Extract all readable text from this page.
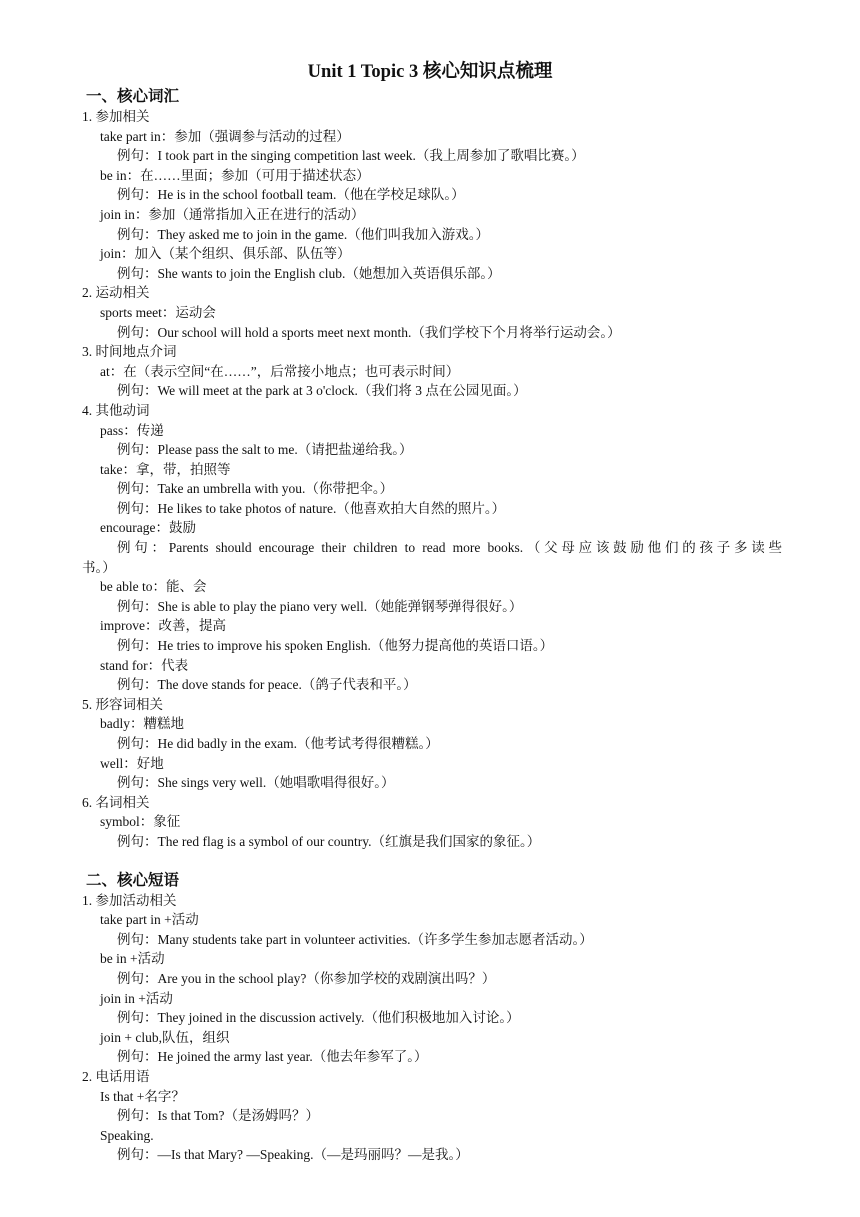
Unit 1 Topic 3 核心知识点梳理
一、核心词汇
1. 参加相关
take part in：参加（强调参与活动的过程）
例句：I took part in the singing competition last week.（我上周参加了歌唱比赛。）
be in：在……里面；参加（可用于描述状态）
例句：He is in the school football team.（他在学校足球队。）
join in：参加（通常指加入正在进行的活动）
例句：They asked me to join in the game.（他们叫我加入游戏。）
join：加入（某个组织、俱乐部、队伍等）
例句：She wants to join the English club.（她想加入英语俱乐部。）
2. 运动相关
sports meet：运动会
例句：Our school will hold a sports meet next month.（我们学校下个月将举行运动会。）
3. 时间地点介词
at：在（表示空间“在……”，后常接小地点；也可表示时间）
例句：We will meet at the park at 3 o'clock.（我们将 3 点在公园见面。）
4. 其他动词
pass：传递
例句：Please pass the salt to me.（请把盐递给我。）
take：拿，带，拍照等
例句：Take an umbrella with you.（你带把伞。）
例句：He likes to take photos of nature.（他喜欢拍大自然的照片。）
encourage：鼓励
例句：Parents should encourage their children to read more books.（父母应该鼓励他们的孩子多读些
书。）
be able to：能、会
例句：She is able to play the piano very well.（她能弹钢琴弹得很好。）
improve：改善，提高
例句：He tries to improve his spoken English.（他努力提高他的英语口语。）
stand for：代表
例句：The dove stands for peace.（鸽子代表和平。）
5. 形容词相关
badly：糟糕地
例句：He did badly in the exam.（他考试考得很糟糕。）
well：好地
例句：She sings very well.（她唱歌唱得很好。）
6. 名词相关
symbol：象征
例句：The red flag is a symbol of our country.（红旗是我们国家的象征。）
二、核心短语
1. 参加活动相关
take part in +活动
例句：Many students take part in volunteer activities.（许多学生参加志愿者活动。）
be in +活动
例句：Are you in the school play?（你参加学校的戏剧演出吗？）
join in +活动
例句：They joined in the discussion actively.（他们积极地加入讨论。）
join + club,队伍，组织
例句：He joined the army last year.（他去年参军了。）
2. 电话用语
Is that +名字？
例句：Is that Tom?（是汤姆吗？）
Speaking.
例句：—Is that Mary? —Speaking.（—是玛丽吗？—是我。）
